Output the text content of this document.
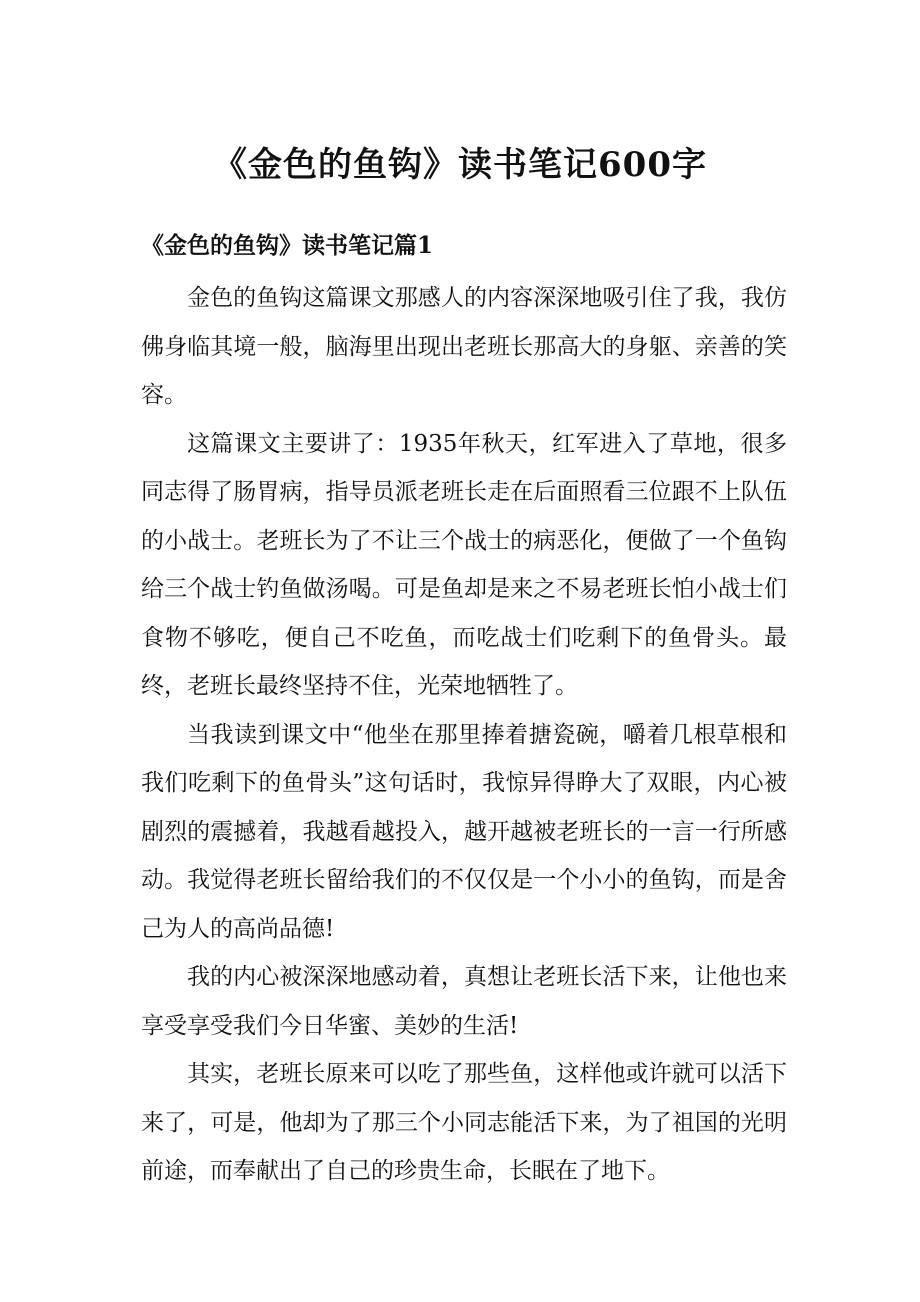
《金色的鱼钩》读书笔记600字
《金色的鱼钩》读书笔记篇1

金色的鱼钩这篇课文那感人的内容深深地吸引住了我，我仿佛身临其境一般，脑海里出现出老班长那高大的身躯、亲善的笑容。

这篇课文主要讲了：1935年秋天，红军进入了草地，很多同志得了肠胃病，指导员派老班长走在后面照看三位跟不上队伍的小战士。老班长为了不让三个战士的病恶化，便做了一个鱼钩给三个战士钓鱼做汤喝。可是鱼却是来之不易老班长怕小战士们食物不够吃，便自己不吃鱼，而吃战士们吃剩下的鱼骨头。最终，老班长最终坚持不住，光荣地牺牲了。

当我读到课文中“他坐在那里捧着搪瓷碗，嚼着几根草根和我们吃剩下的鱼骨头”这句话时，我惊异得睁大了双眼，内心被剧烈的震撼着，我越看越投入，越开越被老班长的一言一行所感动。我觉得老班长留给我们的不仅仅是一个小小的鱼钩，而是舍己为人的高尚品德!

我的内心被深深地感动着，真想让老班长活下来，让他也来享受享受我们今日华蜜、美妙的生活!

其实，老班长原来可以吃了那些鱼，这样他或许就可以活下来了，可是，他却为了那三个小同志能活下来，为了祖国的光明前途，而奉献出了自己的珍贵生命，长眠在了地下。
